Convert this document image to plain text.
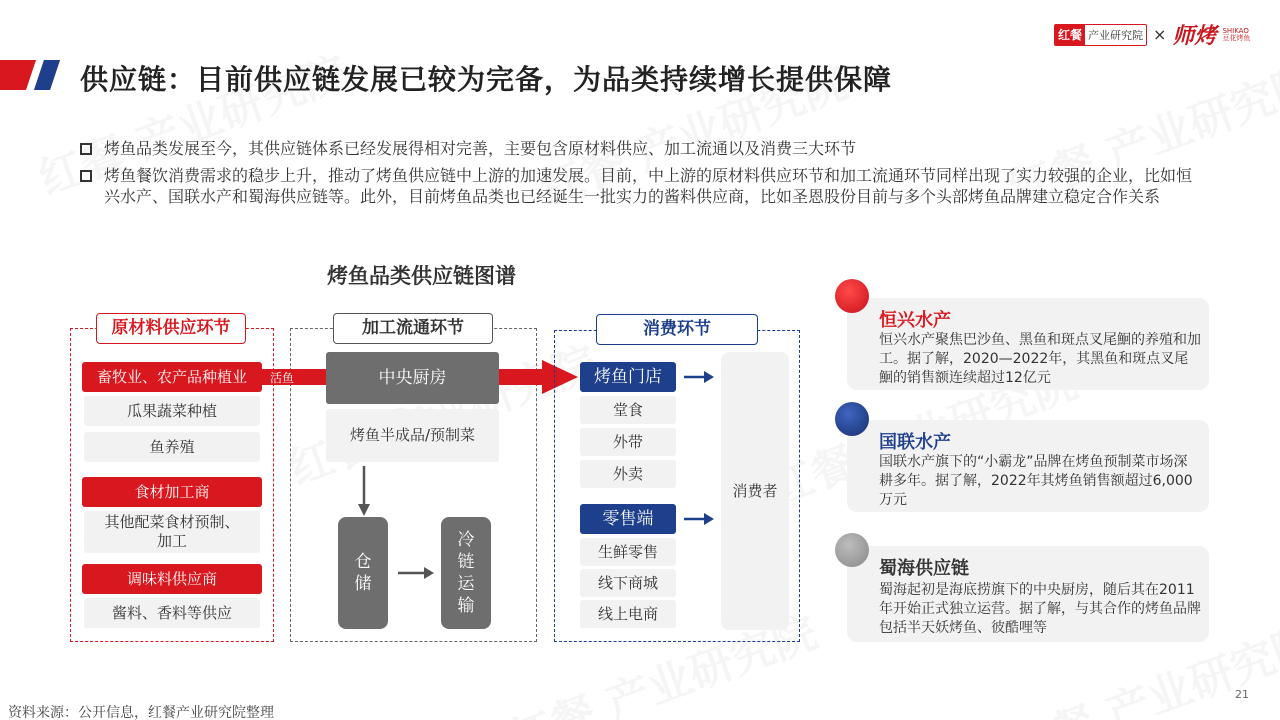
供应链：目前供应链发展已较为完备，为品类持续增长提供保障
红餐 产业研究院 × 师烤 SHIKAO
豆花烤鱼
烤鱼品类发展至今，其供应链体系已经发展得相对完善，主要包含原材料供应、加工流通以及消费三大环节
烤鱼餐饮消费需求的稳步上升，推动了烤鱼供应链中上游的加速发展。目前，中上游的原材料供应环节和加工流通环节同样出现了实力较强的企业，比如恒兴水产、国联水产和蜀海供应链等。此外，目前烤鱼品类也已经诞生一批实力的酱料供应商，比如圣恩股份目前与多个头部烤鱼品牌建立稳定合作关系
烤鱼品类供应链图谱
原材料供应环节
畜牧业、农产品种植业
瓜果蔬菜种植
鱼养殖
食材加工商
其他配菜食材预制、
加工
调味料供应商
酱料、香料等供应
加工流通环节
活鱼	中央厨房
烤鱼半成品/预制菜
仓
储
冷
链
运
输
消费环节
烤鱼门店
堂食
外带
外卖
零售端
生鲜零售
线下商城
线上电商
消费者
恒兴水产
恒兴水产聚焦巴沙鱼、黑鱼和斑点叉尾鮰的养殖和加工。据了解，2020—2022年，其黑鱼和斑点叉尾鮰的销售额连续超过12亿元
国联水产
国联水产旗下的“小霸龙”品牌在烤鱼预制菜市场深耕多年。据了解，2022年其烤鱼销售额超过6,000万元
蜀海供应链
蜀海起初是海底捞旗下的中央厨房，随后其在2011年开始正式独立运营。据了解，与其合作的烤鱼品牌包括半天妖烤鱼、彼酷哩等
资料来源：公开信息，红餐产业研究院整理
21
